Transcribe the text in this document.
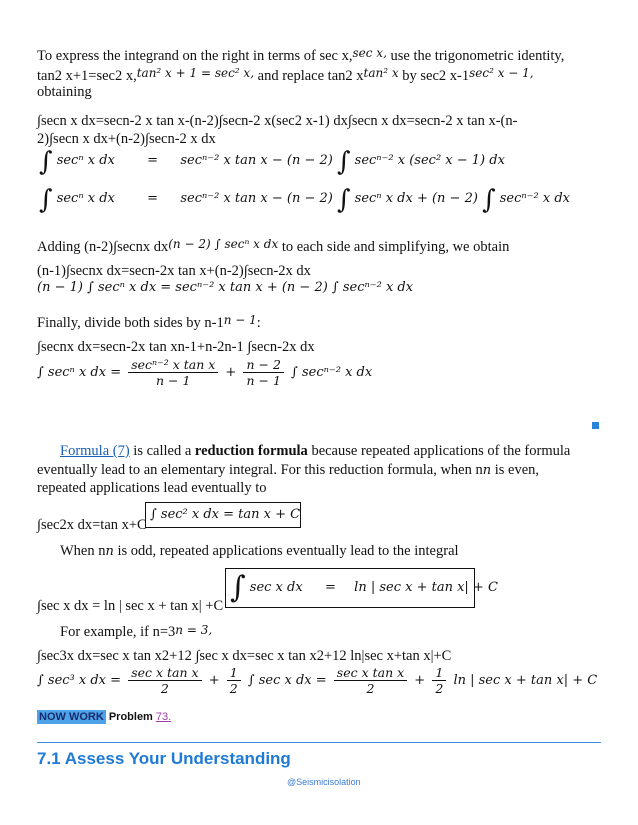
To express the integrand on the right in terms of sec x,$^{sec x,}$ use the trigonometric identity,
tan2 x+1=sec2 x,$^{tan^2 x + 1 = sec^2 x,}$ and replace tan2 $x^{tan^2 x}$ by sec2 $x-1^{sec^2 x - 1,}$
obtaining
∫secn x dx=secn-2 x tan x-(n-2)∫secn-2 x(sec2 x-1) dx∫secn x dx=secn-2 x tan x-(n-
2)∫secn x dx+(n-2)∫secn-2 x dx
∫ secⁿ x dx = secⁿ⁻² x tan x − (n − 2) ∫ secⁿ⁻² x (sec² x − 1) dx
∫ secⁿ x dx = secⁿ⁻² x tan x − (n − 2) ∫ secⁿ x dx + (n − 2) ∫ secⁿ⁻² x dx
Adding (n-2)∫secnx $dx^{(n - 2) \int sec^n x dx}$ to each side and simplifying, we obtain
(n-1)∫secnx dx=secn-2x tan x+(n-2)∫secn-2x dx
(n − 1) ∫ secⁿ x dx = secⁿ⁻² x tan x + (n − 2) ∫ secⁿ⁻² x dx
Finally, divide both sides by $n-1^{n - 1}$:
∫secnx dx=secn-2x tan xn-1+n-2n-1 ∫secn-2x dx
∫ secⁿ x dx = $\frac{\text{secⁿ⁻² x tan x}}{n - 1} + \frac{n - 2}{n - 1}$ ∫ secⁿ⁻² x dx
Formula (7) is called a reduction formula because repeated applications of the formula
eventually lead to an elementary integral. For this reduction formula, when nn is even,
repeated applications lead eventually to
∫sec2x dx=tan x+C
∫ sec² x dx = tan x + C
When nn is odd, repeated applications eventually lead to the integral
∫sec x dx = ln | sec x + tan x| +C
∫ sec x dx = ln | sec x + tan x| + C
For example, if n=3n = 3,
∫sec3x dx=sec x tan x2+12 ∫sec x dx=sec x tan x2+12 ln|sec x+tan x|+C
∫ sec³ x dx = $\frac{\text{sec x tan x}}{2} + \frac{1}{2}$ ∫ sec x dx = $\frac{\text{sec x tan x}}{2} + \frac{1}{2}$ ln | sec x + tan x| + C
NOW WORK Problem 73.
7.1 Assess Your Understanding
@Seismicisolation
